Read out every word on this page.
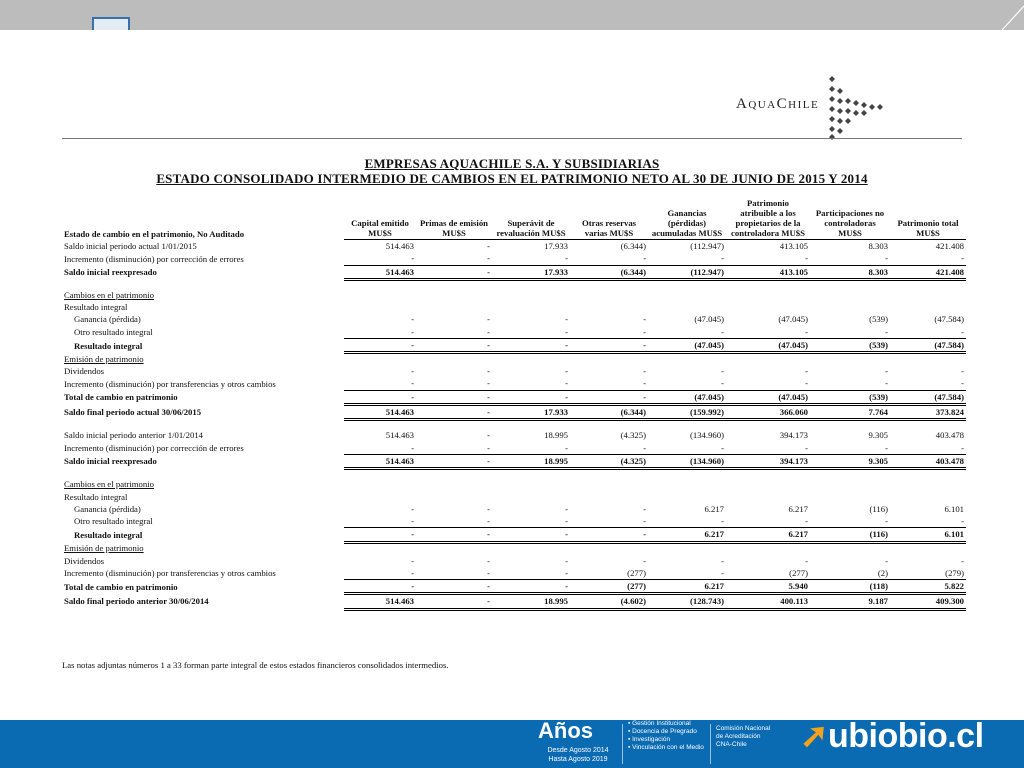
AquaChile
EMPRESAS AQUACHILE S.A. Y SUBSIDIARIAS
ESTADO CONSOLIDADO INTERMEDIO DE CAMBIOS EN EL PATRIMONIO NETO AL 30 DE JUNIO DE 2015 Y 2014
Estado de cambio en el patrimonio, No Auditado	Capital emitido MU$S	Primas de emisión MU$S	Superávit de revaluación MU$S	Otras reservas varias MU$S	Ganancias (pérdidas) acumuladas MU$S	Patrimonio atribuible a los propietarios de la controladora MU$S	Participaciones no controladoras MU$S	Patrimonio total MU$S
Saldo inicial periodo actual 1/01/2015	514.463	-	17.933	(6.344)	(112.947)	413.105	8.303	421.408
Incremento (disminución) por corrección de errores	-	-	-	-	-	-	-	-
Saldo inicial reexpresado	514.463	-	17.933	(6.344)	(112.947)	413.105	8.303	421.408

Cambios en el patrimonio								
Resultado integral								
Ganancia (pérdida)	-	-	-	-	(47.045)	(47.045)	(539)	(47.584)
Otro resultado integral	-	-	-	-	-	-	-	-
Resultado integral	-	-	-	-	(47.045)	(47.045)	(539)	(47.584)
Emisión de patrimonio								
Dividendos	-	-	-	-	-	-	-	-
Incremento (disminución) por transferencias y otros cambios	-	-	-	-	-	-	-	-
Total de cambio en patrimonio	-	-	-	-	(47.045)	(47.045)	(539)	(47.584)
Saldo final periodo actual 30/06/2015	514.463	-	17.933	(6.344)	(159.992)	366.060	7.764	373.824

Saldo inicial periodo anterior 1/01/2014	514.463	-	18.995	(4.325)	(134.960)	394.173	9.305	403.478
Incremento (disminución) por corrección de errores	-	-	-	-	-	-	-	-
Saldo inicial reexpresado	514.463	-	18.995	(4.325)	(134.960)	394.173	9.305	403.478

Cambios en el patrimonio								
Resultado integral								
Ganancia (pérdida)	-	-	-	-	6.217	6.217	(116)	6.101
Otro resultado integral	-	-	-	-	-	-	-	-
Resultado integral	-	-	-	-	6.217	6.217	(116)	6.101
Emisión de patrimonio								
Dividendos	-	-	-	-	-	-	-	-
Incremento (disminución) por transferencias y otros cambios	-	-	-	(277)	-	(277)	(2)	(279)
Total de cambio en patrimonio	-	-	-	(277)	6.217	5.940	(118)	5.822
Saldo final periodo anterior 30/06/2014	514.463	-	18.995	(4.602)	(128.743)	400.113	9.187	409.300
Las notas adjuntas números 1 a 33 forman parte integral de estos estados financieros consolidados intermedios.
Años
Desde Agosto 2014
Hasta Agosto 2019
▪ Gestión Institucional
▪ Docencia de Pregrado
▪ Investigación
▪ Vinculación con el Medio
Comisión Nacional
de Acreditación
CNA-Chile	➚ubiobio.cl
